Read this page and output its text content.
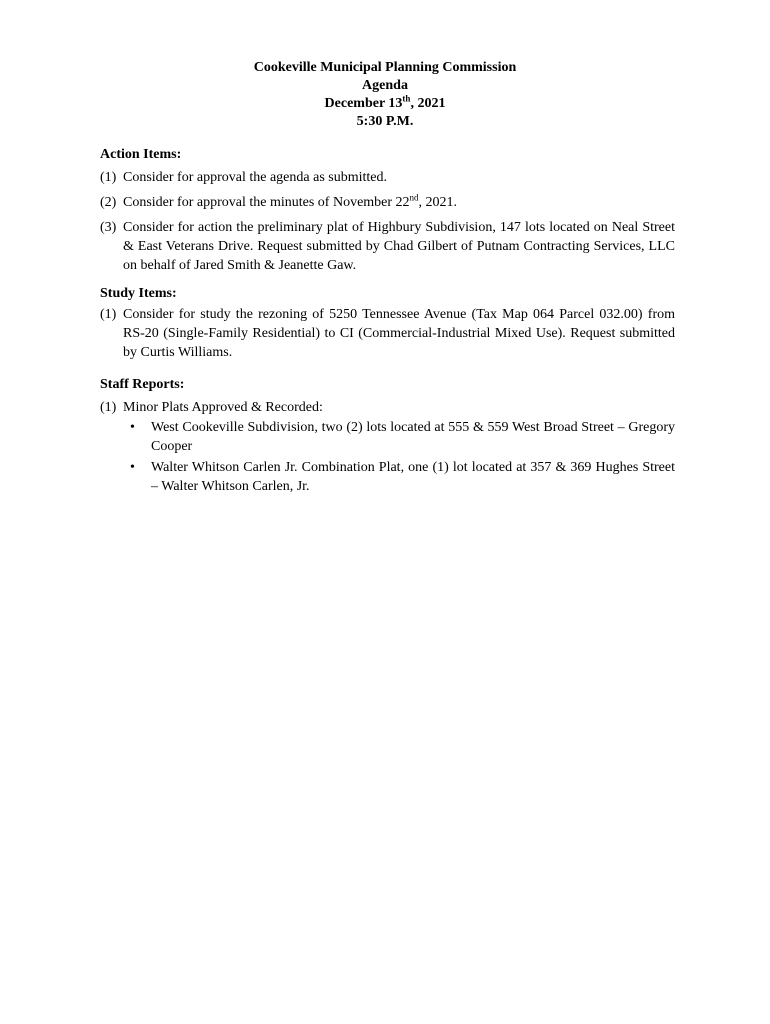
Cookeville Municipal Planning Commission
Agenda
December 13th, 2021
5:30 P.M.
Action Items:
(1) Consider for approval the agenda as submitted.
(2) Consider for approval the minutes of November 22nd, 2021.
(3) Consider for action the preliminary plat of Highbury Subdivision, 147 lots located on Neal Street & East Veterans Drive. Request submitted by Chad Gilbert of Putnam Contracting Services, LLC on behalf of Jared Smith & Jeanette Gaw.
Study Items:
(1) Consider for study the rezoning of 5250 Tennessee Avenue (Tax Map 064 Parcel 032.00) from RS-20 (Single-Family Residential) to CI (Commercial-Industrial Mixed Use). Request submitted by Curtis Williams.
Staff Reports:
(1) Minor Plats Approved & Recorded:
•	West Cookeville Subdivision, two (2) lots located at 555 & 559 West Broad Street – Gregory Cooper
•	Walter Whitson Carlen Jr. Combination Plat, one (1) lot located at 357 & 369 Hughes Street – Walter Whitson Carlen, Jr.
